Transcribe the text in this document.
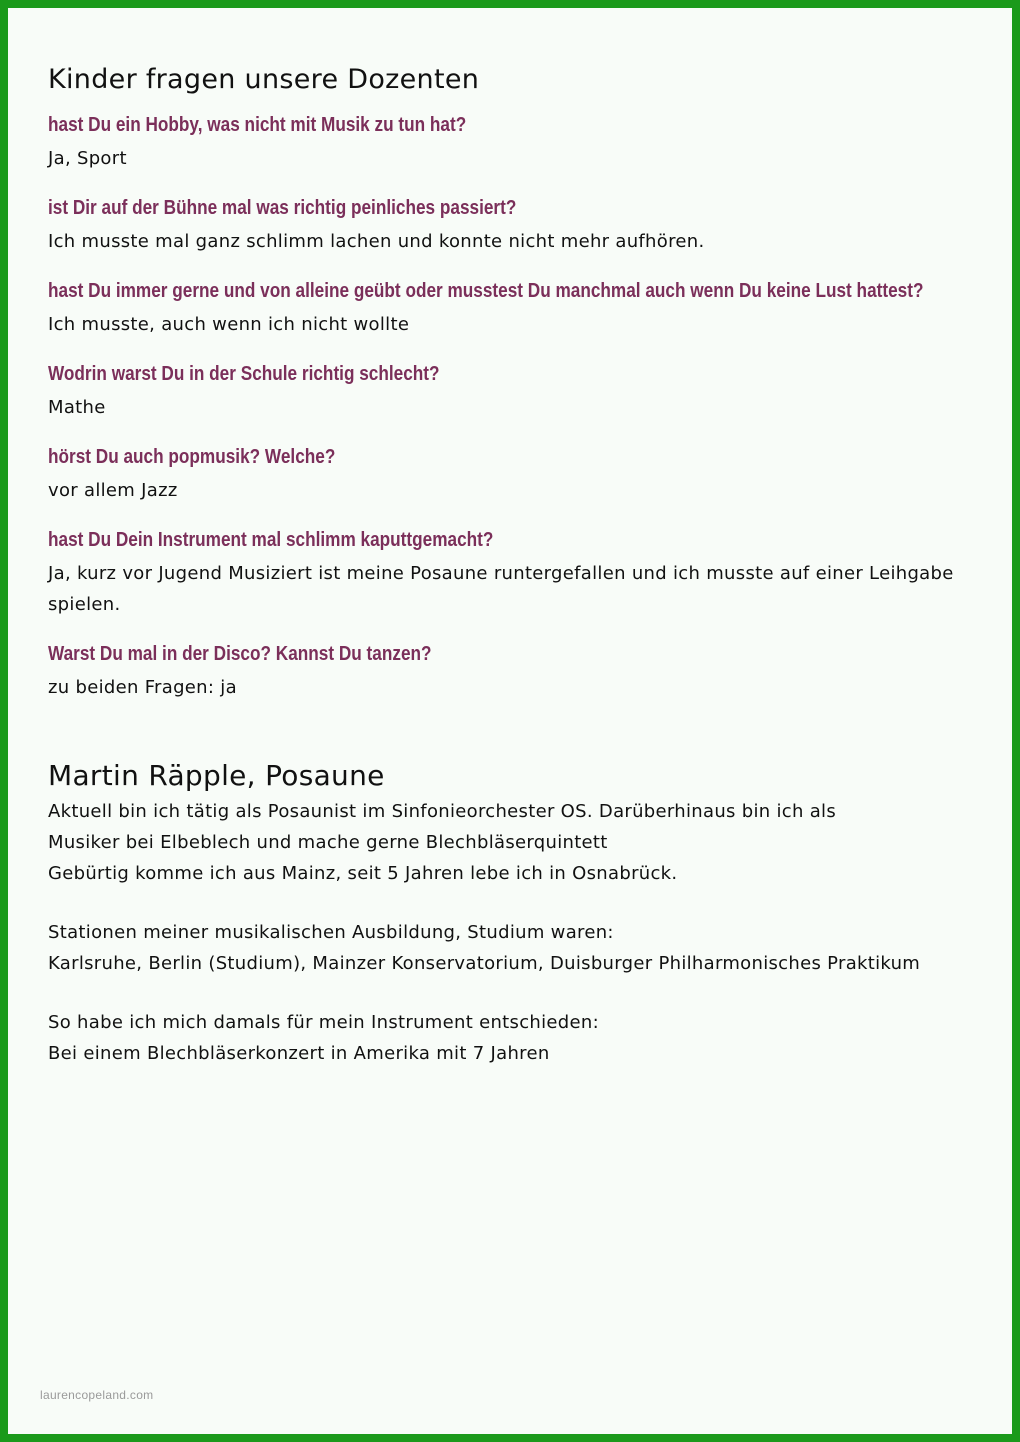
Kinder fragen unsere Dozenten
hast Du ein Hobby, was nicht mit Musik zu tun hat?
Ja, Sport
ist Dir auf der Bühne mal was richtig peinliches passiert?
Ich musste mal ganz schlimm lachen und konnte nicht mehr aufhören.
hast Du immer gerne und von alleine geübt oder musstest Du manchmal auch wenn Du keine Lust hattest?
Ich musste, auch wenn ich nicht wollte
Wodrin warst Du in der Schule richtig schlecht?
Mathe
hörst Du auch popmusik? Welche?
vor allem Jazz
hast Du Dein Instrument mal schlimm kaputtgemacht?
Ja, kurz vor Jugend Musiziert ist meine Posaune runtergefallen und ich musste auf einer Leihgabe spielen.
Warst Du mal in der Disco? Kannst Du tanzen?
zu beiden Fragen: ja
Martin Räpple, Posaune

Aktuell bin ich tätig als Posaunist im Sinfonieorchester OS. Darüberhinaus bin ich als

Musiker bei Elbeblech und mache gerne Blechbläserquintett

Gebürtig komme ich aus Mainz, seit 5 Jahren lebe ich in Osnabrück.

Stationen meiner musikalischen Ausbildung, Studium waren:

Karlsruhe, Berlin (Studium), Mainzer Konservatorium, Duisburger Philharmonisches Praktikum

So habe ich mich damals für mein Instrument entschieden:

Bei einem Blechbläserkonzert in Amerika mit 7 Jahren

laurencopeland.com
